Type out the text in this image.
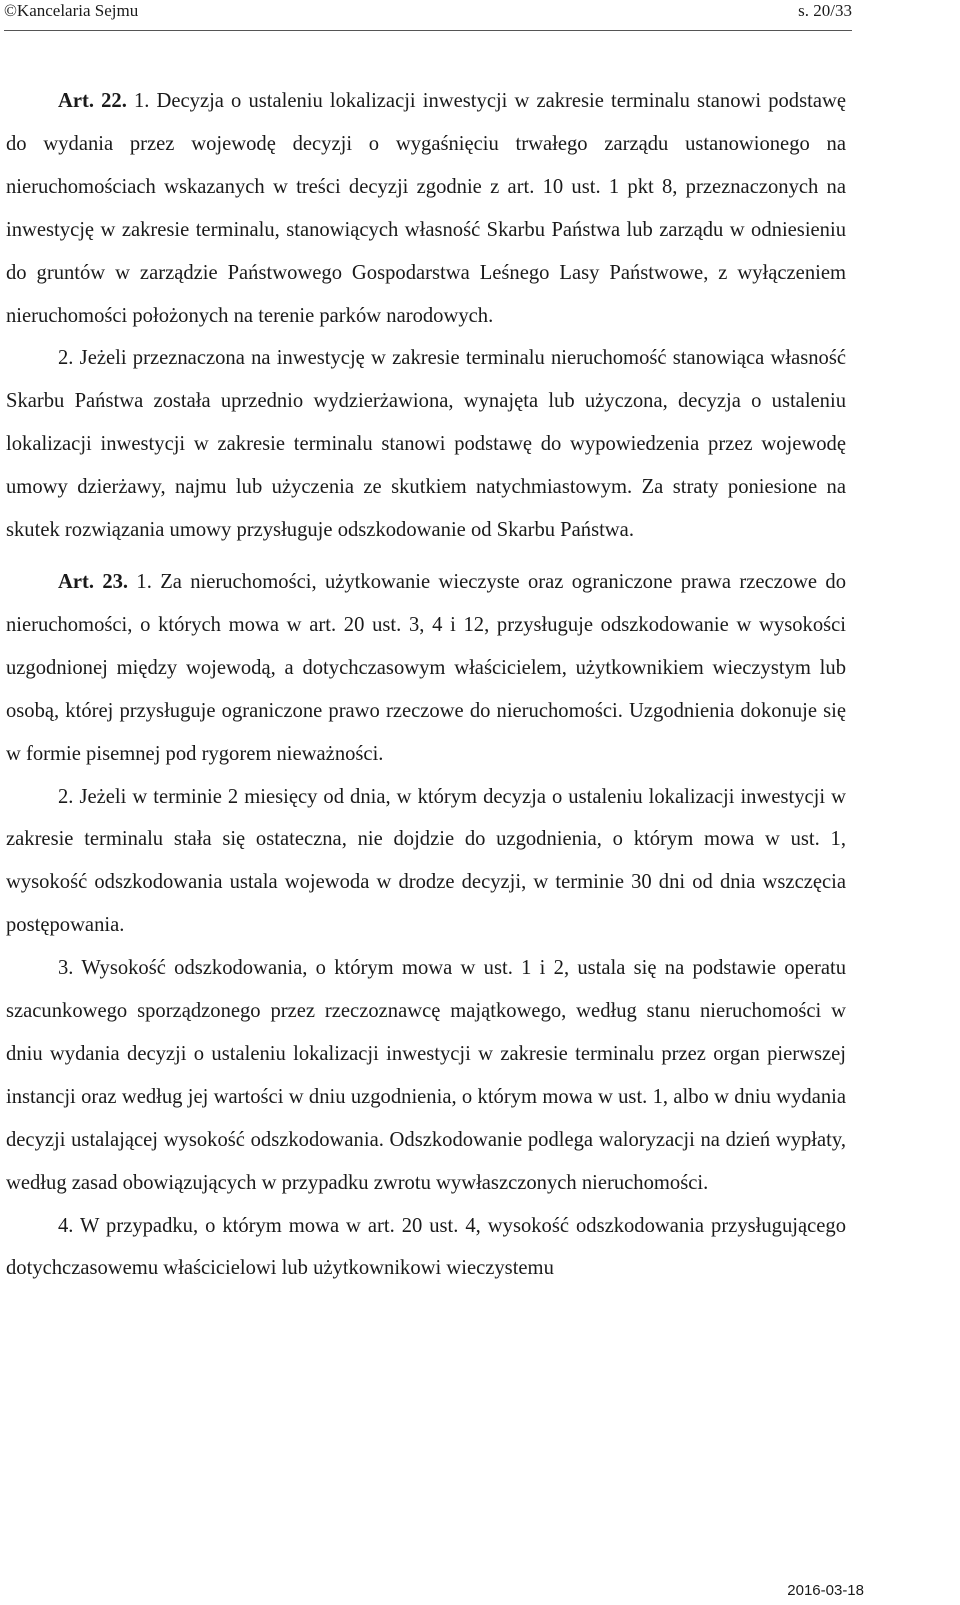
©Kancelaria Sejmu	s. 20/33

Art. 22. 1. Decyzja o ustaleniu lokalizacji inwestycji w zakresie terminalu stanowi podstawę do wydania przez wojewodę decyzji o wygaśnięciu trwałego zarządu ustanowionego na nieruchomościach wskazanych w treści decyzji zgodnie z art. 10 ust. 1 pkt 8, przeznaczonych na inwestycję w zakresie terminalu, stanowiących własność Skarbu Państwa lub zarządu w odniesieniu do gruntów w zarządzie Państwowego Gospodarstwa Leśnego Lasy Państwowe, z wyłączeniem nieruchomości położonych na terenie parków narodowych.

2. Jeżeli przeznaczona na inwestycję w zakresie terminalu nieruchomość stanowiąca własność Skarbu Państwa została uprzednio wydzierżawiona, wynajęta lub użyczona, decyzja o ustaleniu lokalizacji inwestycji w zakresie terminalu stanowi podstawę do wypowiedzenia przez wojewodę umowy dzierżawy, najmu lub użyczenia ze skutkiem natychmiastowym. Za straty poniesione na skutek rozwiązania umowy przysługuje odszkodowanie od Skarbu Państwa.

Art. 23. 1. Za nieruchomości, użytkowanie wieczyste oraz ograniczone prawa rzeczowe do nieruchomości, o których mowa w art. 20 ust. 3, 4 i 12, przysługuje odszkodowanie w wysokości uzgodnionej między wojewodą, a dotychczasowym właścicielem, użytkownikiem wieczystym lub osobą, której przysługuje ograniczone prawo rzeczowe do nieruchomości. Uzgodnienia dokonuje się w formie pisemnej pod rygorem nieważności.

2. Jeżeli w terminie 2 miesięcy od dnia, w którym decyzja o ustaleniu lokalizacji inwestycji w zakresie terminalu stała się ostateczna, nie dojdzie do uzgodnienia, o którym mowa w ust. 1, wysokość odszkodowania ustala wojewoda w drodze decyzji, w terminie 30 dni od dnia wszczęcia postępowania.

3. Wysokość odszkodowania, o którym mowa w ust. 1 i 2, ustala się na podstawie operatu szacunkowego sporządzonego przez rzeczoznawcę majątkowego, według stanu nieruchomości w dniu wydania decyzji o ustaleniu lokalizacji inwestycji w zakresie terminalu przez organ pierwszej instancji oraz według jej wartości w dniu uzgodnienia, o którym mowa w ust. 1, albo w dniu wydania decyzji ustalającej wysokość odszkodowania. Odszkodowanie podlega waloryzacji na dzień wypłaty, według zasad obowiązujących w przypadku zwrotu wywłaszczonych nieruchomości.

4. W przypadku, o którym mowa w art. 20 ust. 4, wysokość odszkodowania przysługującego dotychczasowemu właścicielowi lub użytkownikowi wieczystemu

2016-03-18
